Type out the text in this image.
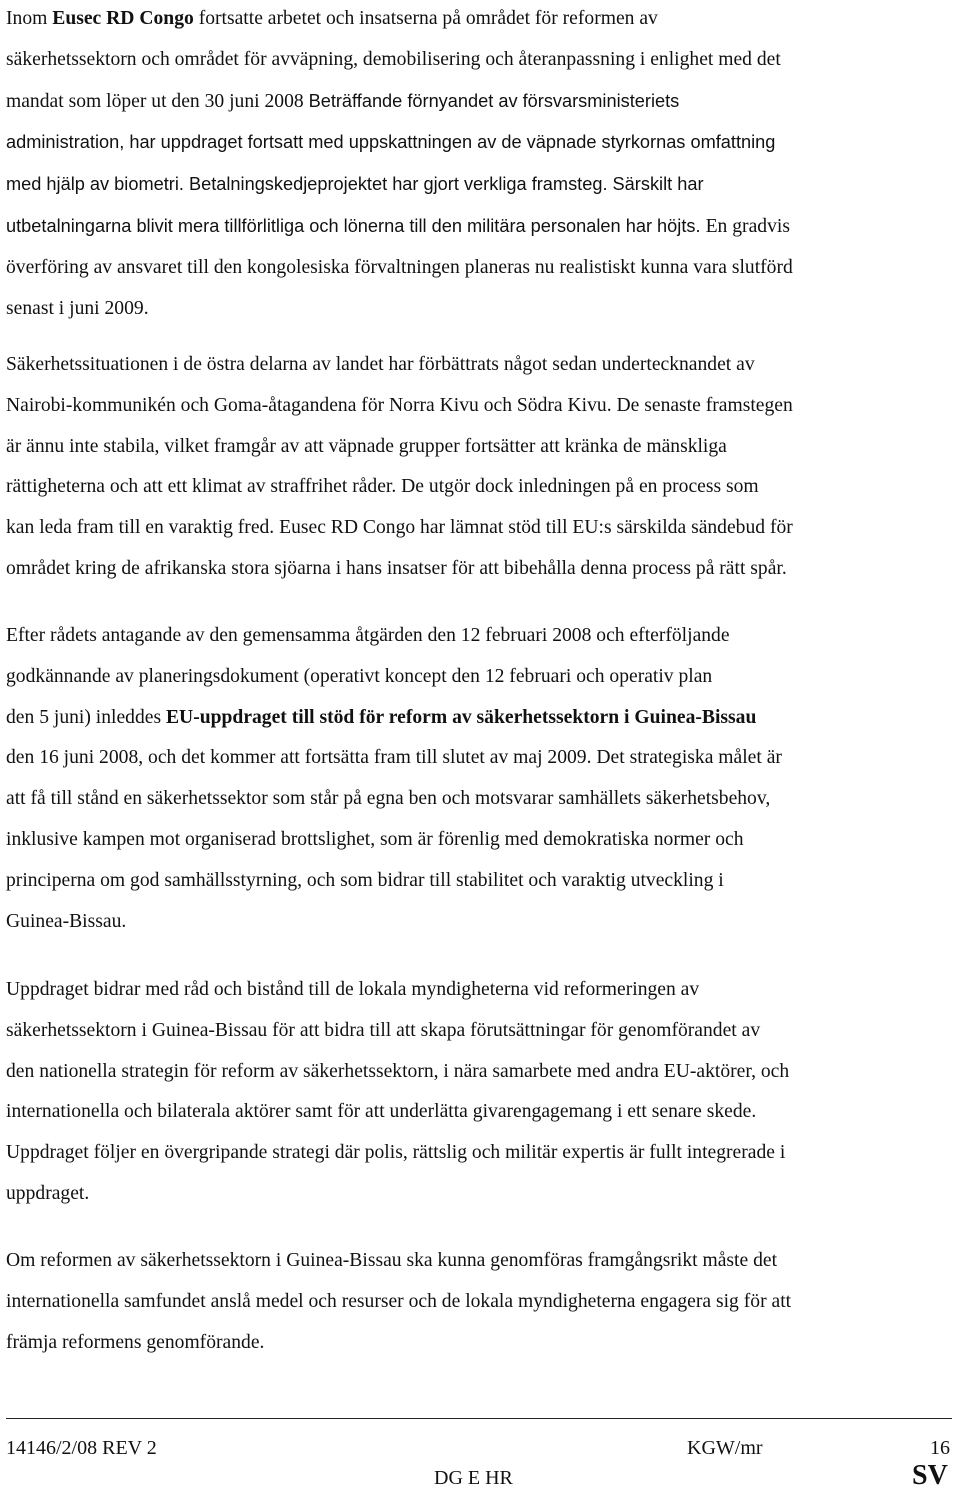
Inom Eusec RD Congo fortsatte arbetet och insatserna på området för reformen av
säkerhetssektorn och området för avväpning, demobilisering och återanpassning i enlighet med det
mandat som löper ut den 30 juni 2008 Beträffande förnyandet av försvarsministeriets
administration, har uppdraget fortsatt med uppskattningen av de väpnade styrkornas omfattning
med hjälp av biometri. Betalningskedjeprojektet har gjort verkliga framsteg. Särskilt har
utbetalningarna blivit mera tillförlitliga och lönerna till den militära personalen har höjts. En gradvis
överföring av ansvaret till den kongolesiska förvaltningen planeras nu realistiskt kunna vara slutförd
senast i juni 2009.
Säkerhetssituationen i de östra delarna av landet har förbättrats något sedan undertecknandet av
Nairobi-kommunikén och Goma-åtagandena för Norra Kivu och Södra Kivu. De senaste framstegen
är ännu inte stabila, vilket framgår av att väpnade grupper fortsätter att kränka de mänskliga
rättigheterna och att ett klimat av straffrihet råder. De utgör dock inledningen på en process som
kan leda fram till en varaktig fred. Eusec RD Congo har lämnat stöd till EU:s särskilda sändebud för
området kring de afrikanska stora sjöarna i hans insatser för att bibehålla denna process på rätt spår.
Efter rådets antagande av den gemensamma åtgärden den 12 februari 2008 och efterföljande
godkännande av planeringsdokument (operativt koncept den 12 februari och operativ plan
den 5 juni) inleddes EU-uppdraget till stöd för reform av säkerhetssektorn i Guinea-Bissau
den 16 juni 2008, och det kommer att fortsätta fram till slutet av maj 2009. Det strategiska målet är
att få till stånd en säkerhetssektor som står på egna ben och motsvarar samhällets säkerhetsbehov,
inklusive kampen mot organiserad brottslighet, som är förenlig med demokratiska normer och
principerna om god samhällsstyrning, och som bidrar till stabilitet och varaktig utveckling i
Guinea-Bissau.
Uppdraget bidrar med råd och bistånd till de lokala myndigheterna vid reformeringen av
säkerhetssektorn i Guinea-Bissau för att bidra till att skapa förutsättningar för genomförandet av
den nationella strategin för reform av säkerhetssektorn, i nära samarbete med andra EU-aktörer, och
internationella och bilaterala aktörer samt för att underlätta givarengagemang i ett senare skede.
Uppdraget följer en övergripande strategi där polis, rättslig och militär expertis är fullt integrerade i
uppdraget.
Om reformen av säkerhetssektorn i Guinea-Bissau ska kunna genomföras framgångsrikt måste det
internationella samfundet anslå medel och resurser och de lokala myndigheterna engagera sig för att
främja reformens genomförande.
14146/2/08 REV 2	KGW/mr	16
DG E HR	SV
